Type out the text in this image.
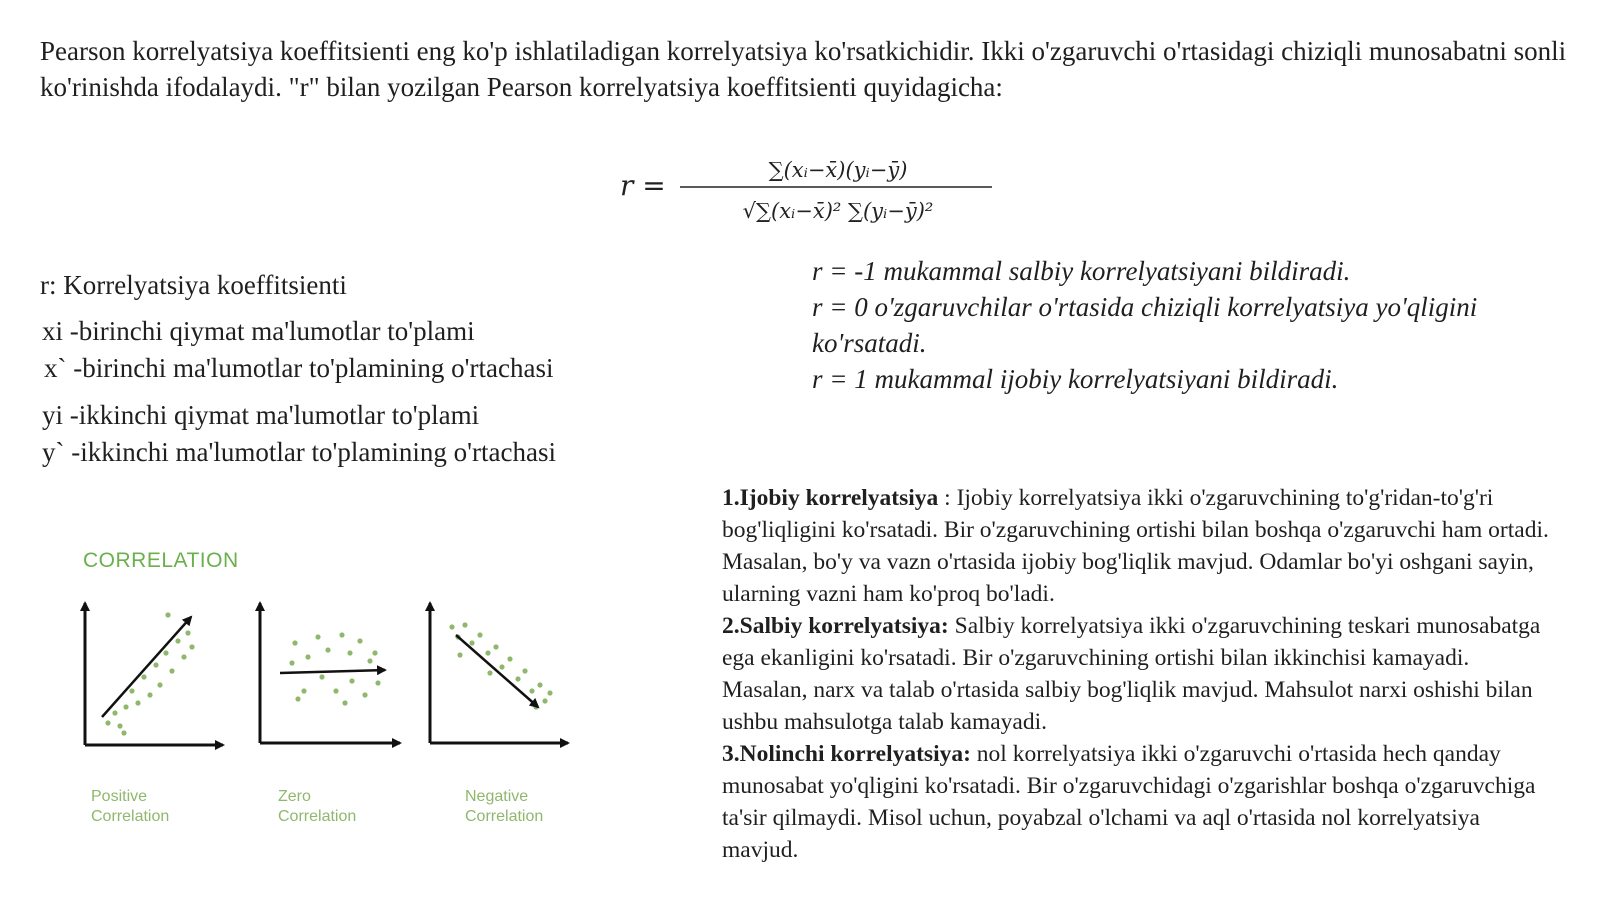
Pearson korrelyatsiya koeffitsienti eng ko'p ishlatiladigan korrelyatsiya ko'rsatkichidir. Ikki o'zgaruvchi o'rtasidagi chiziqli munosabatni sonli ko'rinishda ifodalaydi. "r" bilan yozilgan Pearson korrelyatsiya koeffitsienti quyidagicha:

r =	∑(xᵢ−x̄)(yᵢ−ȳ)
√∑(xᵢ−x̄)² ∑(yᵢ−ȳ)²
r: Korrelyatsiya koeffitsienti
xi -birinchi qiymat ma'lumotlar to'plami
x` -birinchi ma'lumotlar to'plamining o'rtachasi
yi -ikkinchi qiymat ma'lumotlar to'plami
y` -ikkinchi ma'lumotlar to'plamining o'rtachasi
r = -1 mukammal salbiy korrelyatsiyani bildiradi.
r = 0 o'zgaruvchilar o'rtasida chiziqli korrelyatsiya yo'qligini ko'rsatadi.
r = 1 mukammal ijobiy korrelyatsiyani bildiradi.

1.Ijobiy korrelyatsiya : Ijobiy korrelyatsiya ikki o'zgaruvchining to'g'ridan-to'g'ri bog'liqligini ko'rsatadi. Bir o'zgaruvchining ortishi bilan boshqa o'zgaruvchi ham ortadi. Masalan, bo'y va vazn o'rtasida ijobiy bog'liqlik mavjud. Odamlar bo'yi oshgani sayin, ularning vazni ham ko'proq bo'ladi.

2.Salbiy korrelyatsiya: Salbiy korrelyatsiya ikki o'zgaruvchining teskari munosabatga ega ekanligini ko'rsatadi. Bir o'zgaruvchining ortishi bilan ikkinchisi kamayadi. Masalan, narx va talab o'rtasida salbiy bog'liqlik mavjud. Mahsulot narxi oshishi bilan ushbu mahsulotga talab kamayadi.

3.Nolinchi korrelyatsiya: nol korrelyatsiya ikki o'zgaruvchi o'rtasida hech qanday munosabat yo'qligini ko'rsatadi. Bir o'zgaruvchidagi o'zgarishlar boshqa o'zgaruvchiga ta'sir qilmaydi. Misol uchun, poyabzal o'lchami va aql o'rtasida nol korrelyatsiya mavjud.

CORRELATION
Positive
Correlation
Zero
Correlation
Negative
Correlation
